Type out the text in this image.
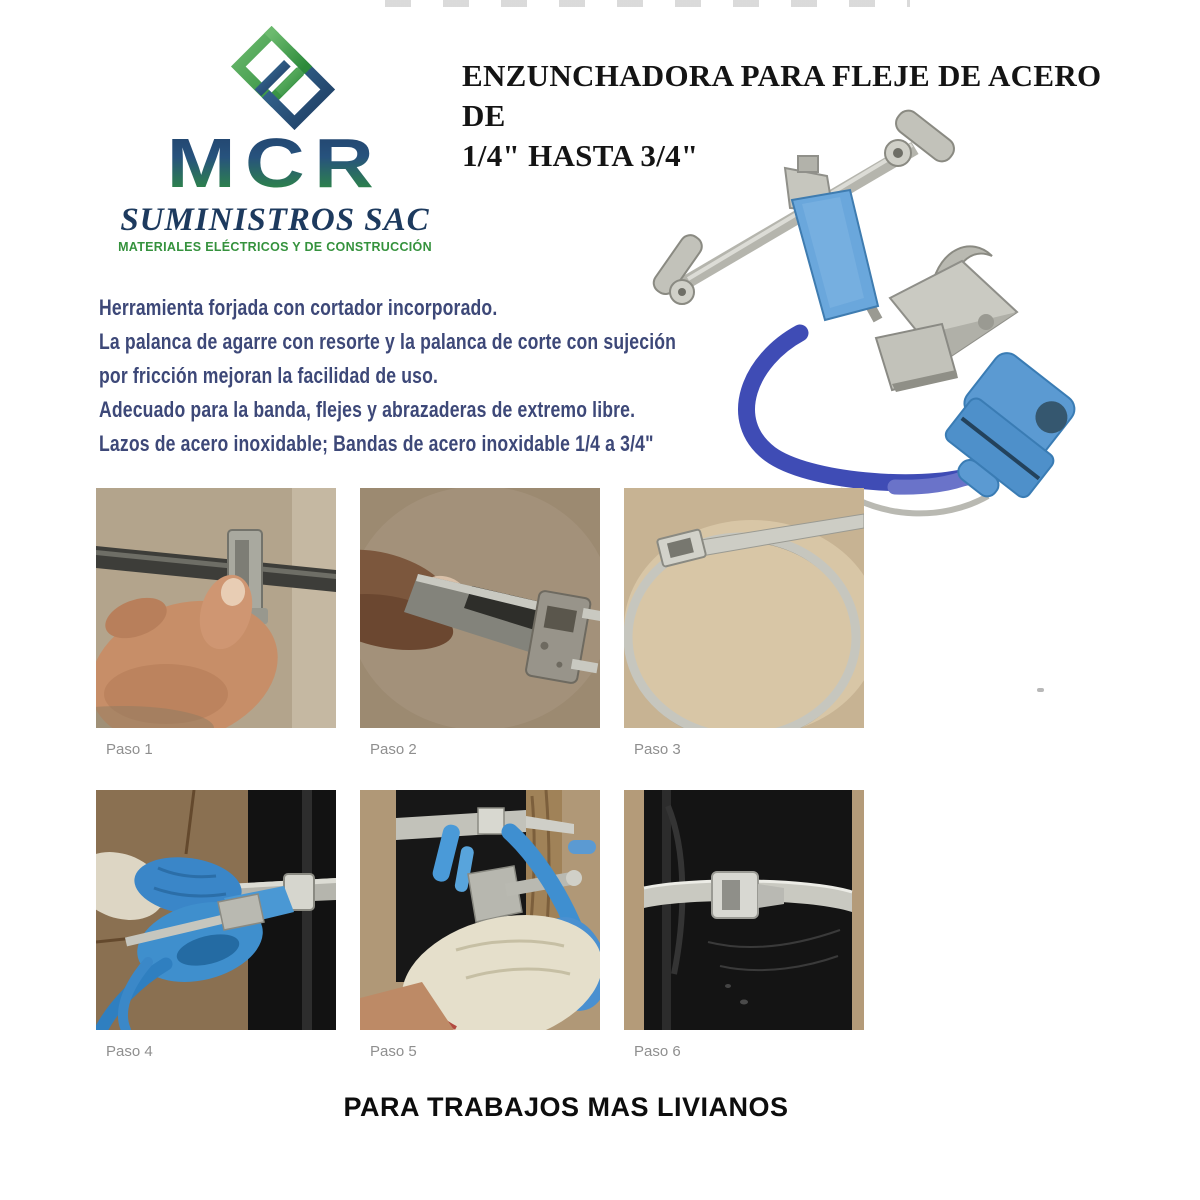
MCR
SUMINISTROS SAC
MATERIALES ELÉCTRICOS Y DE CONSTRUCCIÓN
ENZUNCHADORA PARA FLEJE DE ACERO DE
1/4" HASTA 3/4"
Herramienta forjada con cortador incorporado.
La palanca de agarre con resorte y la palanca de corte con sujeción
por fricción mejoran la facilidad de uso.
Adecuado para la banda, flejes y abrazaderas de extremo libre.
Lazos de acero inoxidable; Bandas de acero inoxidable 1/4 a 3/4"
Paso 1	Paso 2	Paso 3
Paso 4	Paso 5	Paso 6
PARA TRABAJOS MAS LIVIANOS
